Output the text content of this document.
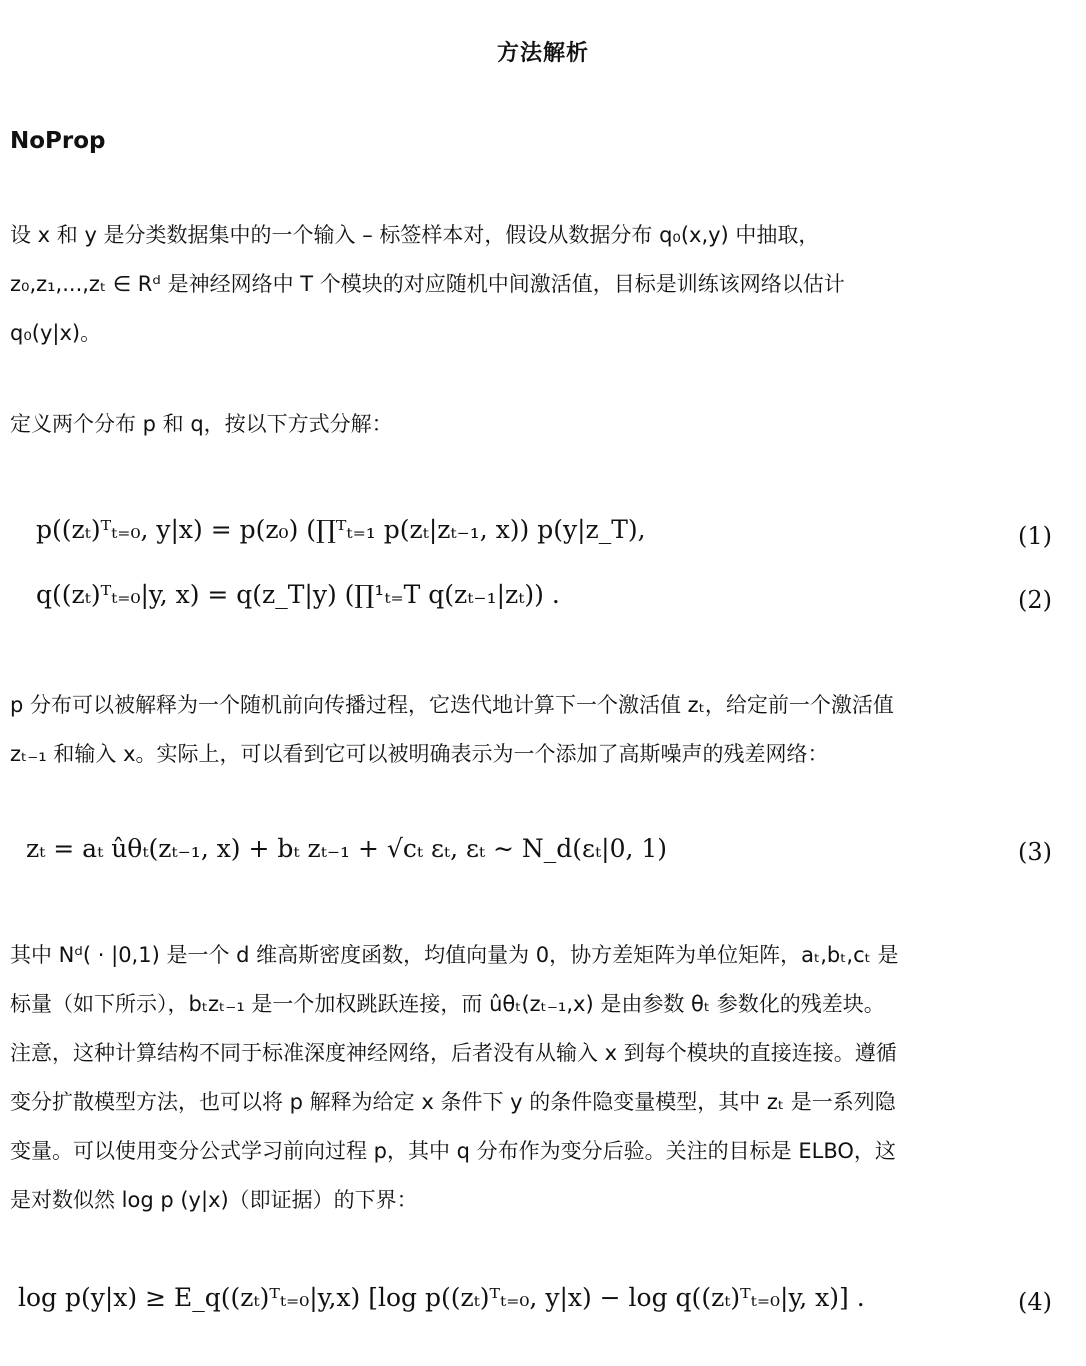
方法解析
NoProp
设 x 和 y 是分类数据集中的一个输入 – 标签样本对，假设从数据分布 q₀(x,y) 中抽取，
z₀,z₁,...,zₜ ∈ Rᵈ 是神经网络中 T 个模块的对应随机中间激活值，目标是训练该网络以估计
q₀(y|x)。
定义两个分布 p 和 q，按以下方式分解：
p((zₜ)ᵀₜ₌₀, y|x) = p(z₀) (∏ᵀₜ₌₁ p(zₜ|zₜ₋₁, x)) p(y|z_T),	(1)
q((zₜ)ᵀₜ₌₀|y, x) = q(z_T|y) (∏¹ₜ₌T q(zₜ₋₁|zₜ)) .	(2)
p 分布可以被解释为一个随机前向传播过程，它迭代地计算下一个激活值 zₜ，给定前一个激活值
zₜ₋₁ 和输入 x。实际上，可以看到它可以被明确表示为一个添加了高斯噪声的残差网络：
zₜ = aₜ ûθₜ(zₜ₋₁, x) + bₜ zₜ₋₁ + √cₜ εₜ, εₜ ∼ N_d(εₜ|0, 1)	(3)
其中 Nᵈ( · |0,1) 是一个 d 维高斯密度函数，均值向量为 0，协方差矩阵为单位矩阵，aₜ,bₜ,cₜ 是
标量（如下所示），bₜzₜ₋₁ 是一个加权跳跃连接，而 ûθₜ(zₜ₋₁,x) 是由参数 θₜ 参数化的残差块。
注意，这种计算结构不同于标准深度神经网络，后者没有从输入 x 到每个模块的直接连接。遵循
变分扩散模型方法，也可以将 p 解释为给定 x 条件下 y 的条件隐变量模型，其中 zₜ 是一系列隐
变量。可以使用变分公式学习前向过程 p，其中 q 分布作为变分后验。关注的目标是 ELBO，这
是对数似然 log p (y|x)（即证据）的下界：
log p(y|x) ≥ E_q((zₜ)ᵀₜ₌₀|y,x) [log p((zₜ)ᵀₜ₌₀, y|x) − log q((zₜ)ᵀₜ₌₀|y, x)] .	(4)
